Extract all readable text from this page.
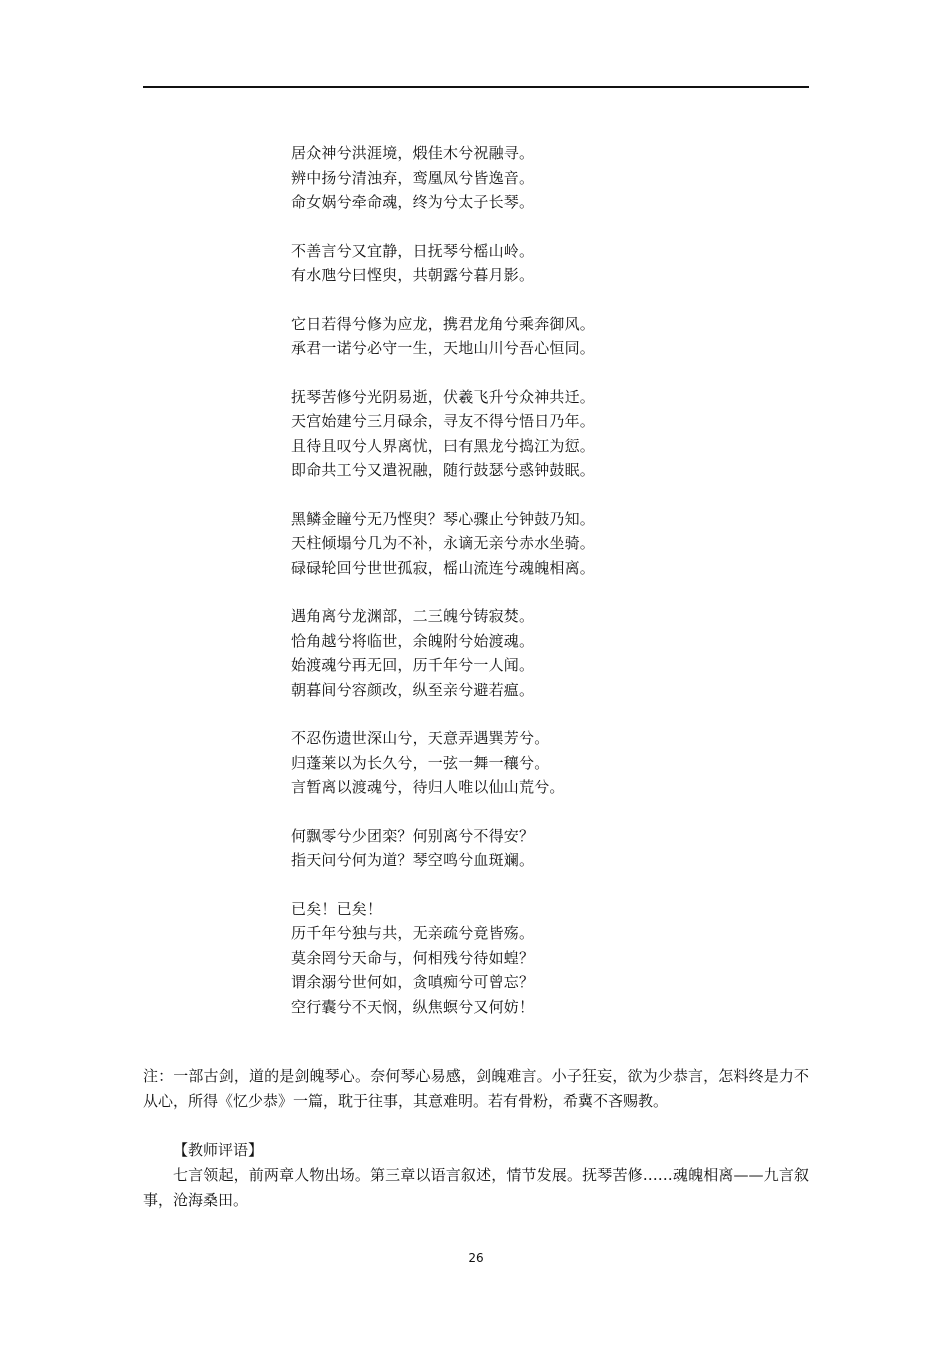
居众神兮洪涯境，煅佳木兮祝融寻。
辨中扬兮清浊弃，鸾凰凤兮皆逸音。
命女娲兮牵命魂，终为兮太子长琴。
不善言兮又宜静，日抚琴兮榣山岭。
有水虺兮曰悭臾，共朝露兮暮月影。
它日若得兮修为应龙，携君龙角兮乘奔御风。
承君一诺兮必守一生，天地山川兮吾心恒同。
抚琴苦修兮光阴易逝，伏羲飞升兮众神共迁。
天宫始建兮三月碌余，寻友不得兮悟日乃年。
且待且叹兮人界离忧，曰有黑龙兮捣江为愆。
即命共工兮又遣祝融，随行鼓瑟兮惑钟鼓眠。
黑鳞金瞳兮无乃悭臾？琴心骤止兮钟鼓乃知。
天柱倾塌兮几为不补，永谪无亲兮赤水坐骑。
碌碌轮回兮世世孤寂，榣山流连兮魂魄相离。
遇角离兮龙渊部，二三魄兮铸寂焚。
恰角越兮将临世，余魄附兮始渡魂。
始渡魂兮再无回，历千年兮一人闻。
朝暮间兮容颜改，纵至亲兮避若瘟。
不忍伤遗世深山兮，天意弄遇巽芳兮。
归蓬莱以为长久兮，一弦一舞一穰兮。
言暂离以渡魂兮，待归人唯以仙山荒兮。
何飘零兮少团栾？何别离兮不得安？
指天问兮何为道？琴空鸣兮血斑斓。
已矣！已矣！
历千年兮独与共，无亲疏兮竟皆殇。
莫余罔兮天命与，何相残兮待如蝗？
谓余溺兮世何如，贪嗔痴兮可曾忘？
空行囊兮不天悯，纵焦螟兮又何妨！
注：一部古剑，道的是剑魄琴心。奈何琴心易感，剑魄难言。小子狂妄，欲为少恭言，怎料终是力不从心，所得《忆少恭》一篇，耽于往事，其意难明。若有骨粉，希冀不吝赐教。
【教师评语】
七言领起，前两章人物出场。第三章以语言叙述，情节发展。抚琴苦修……魂魄相离——九言叙事，沧海桑田。
26
